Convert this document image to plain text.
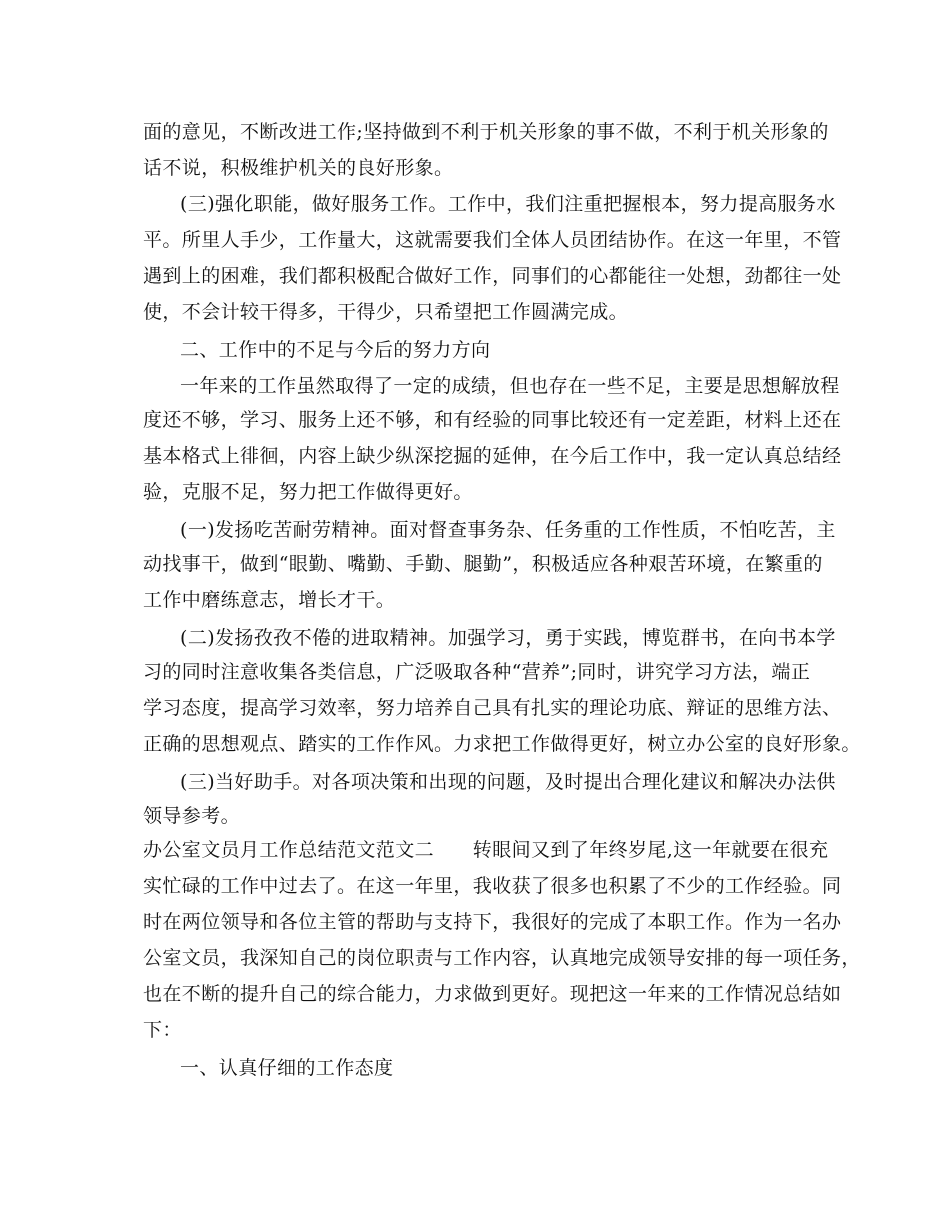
面的意见，不断改进工作;坚持做到不利于机关形象的事不做，不利于机关形象的
话不说，积极维护机关的良好形象。
(三)强化职能，做好服务工作。工作中，我们注重把握根本，努力提高服务水
平。所里人手少，工作量大，这就需要我们全体人员团结协作。在这一年里，不管
遇到上的困难，我们都积极配合做好工作，同事们的心都能往一处想，劲都往一处
使，不会计较干得多，干得少，只希望把工作圆满完成。
二、工作中的不足与今后的努力方向
一年来的工作虽然取得了一定的成绩，但也存在一些不足，主要是思想解放程
度还不够，学习、服务上还不够，和有经验的同事比较还有一定差距，材料上还在
基本格式上徘徊，内容上缺少纵深挖掘的延伸，在今后工作中，我一定认真总结经
验，克服不足，努力把工作做得更好。
(一)发扬吃苦耐劳精神。面对督查事务杂、任务重的工作性质，不怕吃苦，主
动找事干，做到“眼勤、嘴勤、手勤、腿勤”，积极适应各种艰苦环境，在繁重的
工作中磨练意志，增长才干。
(二)发扬孜孜不倦的进取精神。加强学习，勇于实践，博览群书，在向书本学
习的同时注意收集各类信息，广泛吸取各种“营养”;同时，讲究学习方法，端正
学习态度，提高学习效率，努力培养自己具有扎实的理论功底、辩证的思维方法、
正确的思想观点、踏实的工作作风。力求把工作做得更好，树立办公室的良好形象。
(三)当好助手。对各项决策和出现的问题，及时提出合理化建议和解决办法供
领导参考。
办公室文员月工作总结范文范文二　　转眼间又到了年终岁尾,这一年就要在很充
实忙碌的工作中过去了。在这一年里，我收获了很多也积累了不少的工作经验。同
时在两位领导和各位主管的帮助与支持下，我很好的完成了本职工作。作为一名办
公室文员，我深知自己的岗位职责与工作内容，认真地完成领导安排的每一项任务，
也在不断的提升自己的综合能力，力求做到更好。现把这一年来的工作情况总结如
下：
一、认真仔细的工作态度
